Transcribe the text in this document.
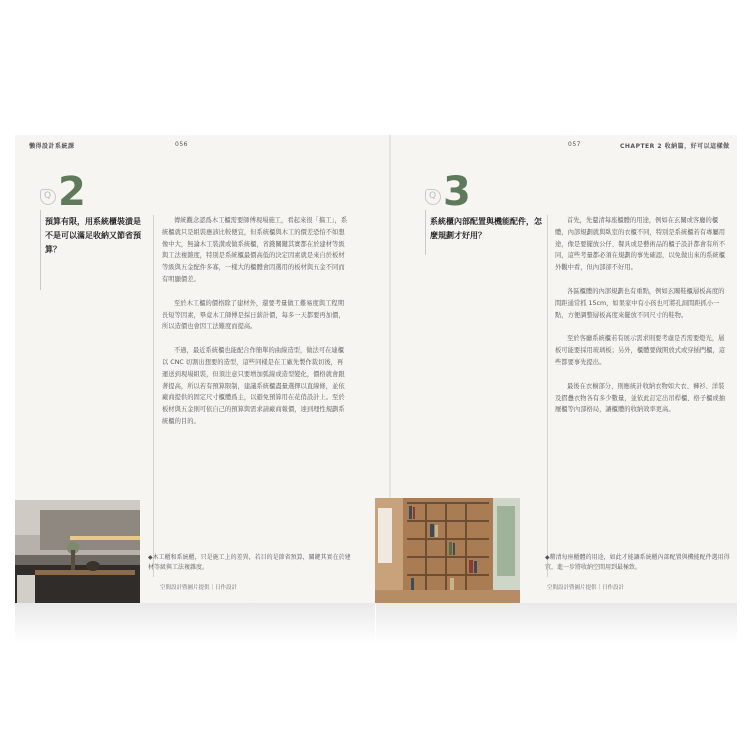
懶得設計系統課	056
Q 2
預算有限，用系統櫃裝潢是不是可以滿足收納又節省預算？

傳統觀念認爲木工櫃需要師傅現場施工，看起來很「搞工」，系統櫃就只是組裝應該比較便宜，但系統櫃與木工的價差恐怕不如想像中大，無論木工裝潢或做系統櫃，省錢關鍵其實都在於建材等級與工法複雜度，特別是系統櫃最價高低的決定因素就是來自於板材等級與五金配件多寡，一樣大的櫃體會因選用的板材與五金不同而有明顯價差。

至於木工櫃的價格除了建材外，還要考量做工難易度與工程期長短等因素，畢竟木工師傅是採日薪計價，每多一天都要再加價，所以造價也會因工法難度而提高。

不過，最近系統櫃也能配合作簡單的曲線造型，做法可在連櫃以 CNC 切割出想要的造型，這些同樣是在工廠先製作裁切後，再運送到現場組裝，但須注意只要增加弧線或造型變化，價格就會跟著提高，所以若有預算限制，建議系統櫃盡量選擇以直線條，並依廠商提供的固定尺寸櫃體爲主，以避免預算用在花俏設計上。至於板材與五金則可依自己的預算與需求請廠商報價，達到理性規劃系統櫃的目的。

◆木工櫃和系統櫃，只是施工上的差異，若目的是節省預算，關鍵其實在於建材等級與工法複雜度。
空間設計暨圖片提供｜日作設計
057	CHAPTER 2 收納篇，好可以這樣做
Q 3
系統櫃內部配置與機能配件，怎麼規劃才好用？

首先，先釐清每座櫃體的用途，例如在玄關或客廳的櫃體，內部規劃就與臥室的衣櫃不同，特別是系統櫃若有專屬用途，像是要擺放公仔、餐具或是藝術品的櫃子設計都會有所不同，這些考量都必須在規劃的事先確認，以免做出來的系統櫃外觀中看，但內部卻不好用。

各區櫃體的內部規劃也有重點，例如玄關鞋櫃層板高度的間距通常抓 15cm，如果家中有小孩也可將孔洞間距抓小一點，方便調整層板高度來擺放不同尺寸的鞋物。

至於客廳系統櫃若有展示需求則要考慮是否需要燈光，層板可能要採用玻璃板；另外，櫃體要做開放式或穿插門櫃，這些都要事先提出。

最後在衣櫥部分，則應統計收納衣物如大衣、褲衫、洋裝及摺疊衣物各有多少數量，並依此訂定出吊桿櫃、格子櫃或抽屜櫃等內部格局，讓櫃體的收納效率更高。

◆釐清每座櫃體的用途，如此才能讓系統櫃內部配置與機能配件選用得宜，進一步將收納空間用到最極致。
空間設計暨圖片提供｜日作設計
